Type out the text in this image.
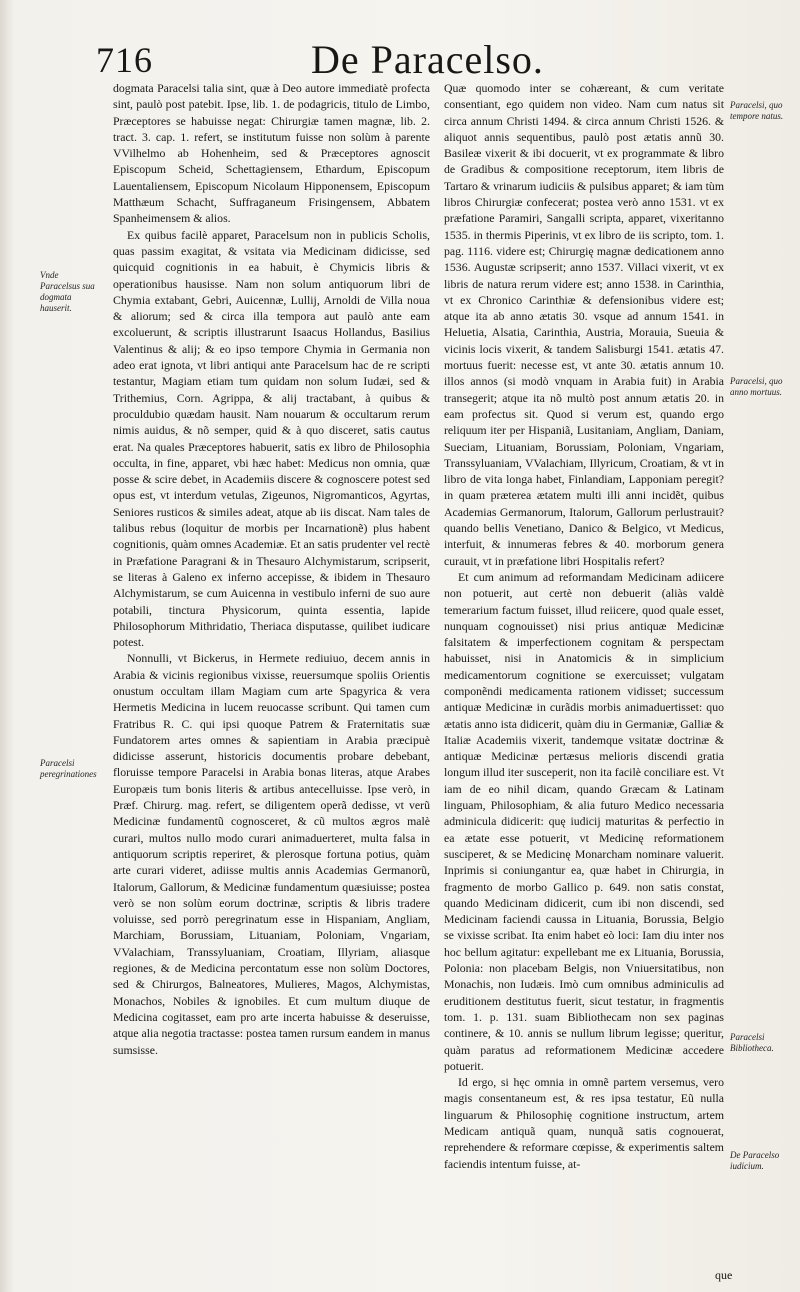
716	De Paracelso.

dogmata Paracelsi talia sint, quæ à Deo autore immediatè profecta sint, paulò post patebit. Ipse, lib. 1. de podagricis, titulo de Limbo, Præceptores se habuisse negat: Chirurgiæ tamen magnæ, lib. 2. tract. 3. cap. 1. refert, se institutum fuisse non solùm à parente VVilhelmo ab Hohenheim, sed & Præceptores agnoscit Episcopum Scheid, Schettagiensem, Ethardum, Episcopum Lauentaliensem, Episcopum Nicolaum Hipponensem, Episcopum Matthæum Schacht, Suffraganeum Frisingensem, Abbatem Spanheimensem & alios.

Ex quibus facilè apparet, Paracelsum non in publicis Scholis, quas passim exagitat, & vsitata via Medicinam didicisse, sed quicquid cognitionis in ea habuit, è Chymicis libris & operationibus hausisse. Nam non solum antiquorum libri de Chymia extabant, Gebri, Auicennæ, Lullij, Arnoldi de Villa noua & aliorum; sed & circa illa tempora aut paulò ante eam excoluerunt, & scriptis illustrarunt Isaacus Hollandus, Basilius Valentinus & alij; & eo ipso tempore Chymia in Germania non adeo erat ignota, vt libri antiqui ante Paracelsum hac de re scripti testantur, Magiam etiam tum quidam non solum Iudæi, sed & Trithemius, Corn. Agrippa, & alij tractabant, à quibus & proculdubio quædam hausit. Nam nouarum & occultarum rerum nimis auidus, & nõ semper, quid & à quo disceret, satis cautus erat. Na quales Præceptores habuerit, satis ex libro de Philosophia occulta, in fine, apparet, vbi hæc habet: Medicus non omnia, quæ posse & scire debet, in Academiis discere & cognoscere potest sed opus est, vt interdum vetulas, Zigeunos, Nigromanticos, Agyrtas, Seniores rusticos & similes adeat, atque ab iis discat. Nam tales de talibus rebus (loquitur de morbis per Incarnationẽ) plus habent cognitionis, quàm omnes Academiæ. Et an satis prudenter vel rectè in Præfatione Paragrani & in Thesauro Alchymistarum, scripserit, se literas à Galeno ex inferno accepisse, & ibidem in Thesauro Alchymistarum, se cum Auicenna in vestibulo inferni de suo aure potabili, tinctura Physicorum, quinta essentia, lapide Philosophorum Mithridatio, Theriaca disputasse, quilibet iudicare potest.

Nonnulli, vt Bickerus, in Hermete rediuiuo, decem annis in Arabia & vicinis regionibus vixisse, reuersumque spoliis Orientis onustum occultam illam Magiam cum arte Spagyrica & vera Hermetis Medicina in lucem reuocasse scribunt. Qui tamen cum Fratribus R. C. qui ipsi quoque Patrem & Fraternitatis suæ Fundatorem artes omnes & sapientiam in Arabia præcipuè didicisse asserunt, historicis documentis probare debebant, floruisse tempore Paracelsi in Arabia bonas literas, atque Arabes Europæis tum bonis literis & artibus antecelluisse. Ipse verò, in Præf. Chirurg. mag. refert, se diligentem operã dedisse, vt verũ Medicinæ fundamentũ cognosceret, & cũ multos ægros malè curari, multos nullo modo curari animaduerteret, multa falsa in antiquorum scriptis reperiret, & plerosque fortuna potius, quàm arte curari videret, adiisse multis annis Academias Germanorũ, Italorum, Gallorum, & Medicinæ fundamentum quæsiuisse; postea verò se non solùm eorum doctrinæ, scriptis & libris tradere voluisse, sed porrò peregrinatum esse in Hispaniam, Angliam, Marchiam, Borussiam, Lituaniam, Poloniam, Vngariam, VValachiam, Transsyluaniam, Croatiam, Illyriam, aliasque regiones, & de Medicina percontatum esse non solùm Doctores, sed & Chirurgos, Balneatores, Mulieres, Magos, Alchymistas, Monachos, Nobiles & ignobiles. Et cum multum diuque de Medicina cogitasset, eam pro arte incerta habuisse & deseruisse, atque alia negotia tractasse: postea tamen rursum eandem in manus sumsisse.

Quæ quomodo inter se cohæreant, & cum veritate consentiant, ego quidem non video. Nam cum natus sit circa annum Christi 1494. & circa annum Christi 1526. & aliquot annis sequentibus, paulò post ætatis annũ 30. Basileæ vixerit & ibi docuerit, vt ex programmate & libro de Gradibus & compositione receptorum, item libris de Tartaro & vrinarum iudiciis & pulsibus apparet; & iam tùm libros Chirurgiæ confecerat; postea verò anno 1531. vt ex præfatione Paramiri, Sangalli scripta, apparet, vixeritanno 1535. in thermis Piperinis, vt ex libro de iis scripto, tom. 1. pag. 1116. videre est; Chirurgię magnæ dedicationem anno 1536. Augustæ scripserit; anno 1537. Villaci vixerit, vt ex libris de natura rerum videre est; anno 1538. in Carinthia, vt ex Chronico Carinthiæ & defensionibus videre est; atque ita ab anno ætatis 30. vsque ad annum 1541. in Heluetia, Alsatia, Carinthia, Austria, Morauia, Sueuia & vicinis locis vixerit, & tandem Salisburgi 1541. ætatis 47. mortuus fuerit: necesse est, vt ante 30. ætatis annum 10. illos annos (si modò vnquam in Arabia fuit) in Arabia transegerit; atque ita nõ multò post annum ætatis 20. in eam profectus sit. Quod si verum est, quando ergo reliquum iter per Hispaniã, Lusitaniam, Angliam, Daniam, Sueciam, Lituaniam, Borussiam, Poloniam, Vngariam, Transsyluaniam, VValachiam, Illyricum, Croatiam, & vt in libro de vita longa habet, Finlandiam, Lapponiam peregit? in quam præterea ætatem multi illi anni incidẽt, quibus Academias Germanorum, Italorum, Gallorum perlustrauit? quando bellis Venetiano, Danico & Belgico, vt Medicus, interfuit, & innumeras febres & 40. morborum genera curauit, vt in præfatione libri Hospitalis refert?

Et cum animum ad reformandam Medicinam adiicere non potuerit, aut certè non debuerit (aliàs valdè temerarium factum fuisset, illud reiicere, quod quale esset, nunquam cognouisset) nisi prius antiquæ Medicinæ falsitatem & imperfectionem cognitam & perspectam habuisset, nisi in Anatomicis & in simplicium medicamentorum cognitione se exercuisset; vulgatam componẽndi medicamenta rationem vidisset; successum antiquæ Medicinæ in curãdis morbis animaduertisset: quo ætatis anno ista didicerit, quàm diu in Germaniæ, Galliæ & Italiæ Academiis vixerit, tandemque vsitatæ doctrinæ & antiquæ Medicinæ pertæsus melioris discendi gratia longum illud iter susceperit, non ita facilè conciliare est. Vt iam de eo nihil dicam, quando Græcam & Latinam linguam, Philosophiam, & alia futuro Medico necessaria adminicula didicerit: quę iudicij maturitas & perfectio in ea ætate esse potuerit, vt Medicinę reformationem susciperet, & se Medicinę Monarcham nominare valuerit. Inprimis si coniungantur ea, quæ habet in Chirurgia, in fragmento de morbo Gallico p. 649. non satis constat, quando Medicinam didicerit, cum ibi non discendi, sed Medicinam faciendi caussa in Lituania, Borussia, Belgio se vixisse scribat. Ita enim habet eò loci: Iam diu inter nos hoc bellum agitatur: expellebant me ex Lituania, Borussia, Polonia: non placebam Belgis, non Vniuersitatibus, non Monachis, non Iudæis. Imò cum omnibus adminiculis ad eruditionem destitutus fuerit, sicut testatur, in fragmentis tom. 1. p. 131. suam Bibliothecam non sex paginas continere, & 10. annis se nullum librum legisse; queritur, quàm paratus ad reformationem Medicinæ accedere potuerit.

Id ergo, si hęc omnia in omnẽ partem versemus, vero magis consentaneum est, & res ipsa testatur, Eũ nulla linguarum & Philosophię cognitione instructum, artem Medicam antiquã quam, nunquã satis cognouerat, reprehendere & reformare cœpisse, & experimentis saltem faciendis intentum fuisse, at-

Vnde Paracelsus sua dogmata hauserit.
Paracelsi peregrinationes
Paracelsi, quo tempore natus.
Paracelsi, quo anno mortuus.
Paracelsi Bibliotheca.
De Paracelso iudicium.
que
